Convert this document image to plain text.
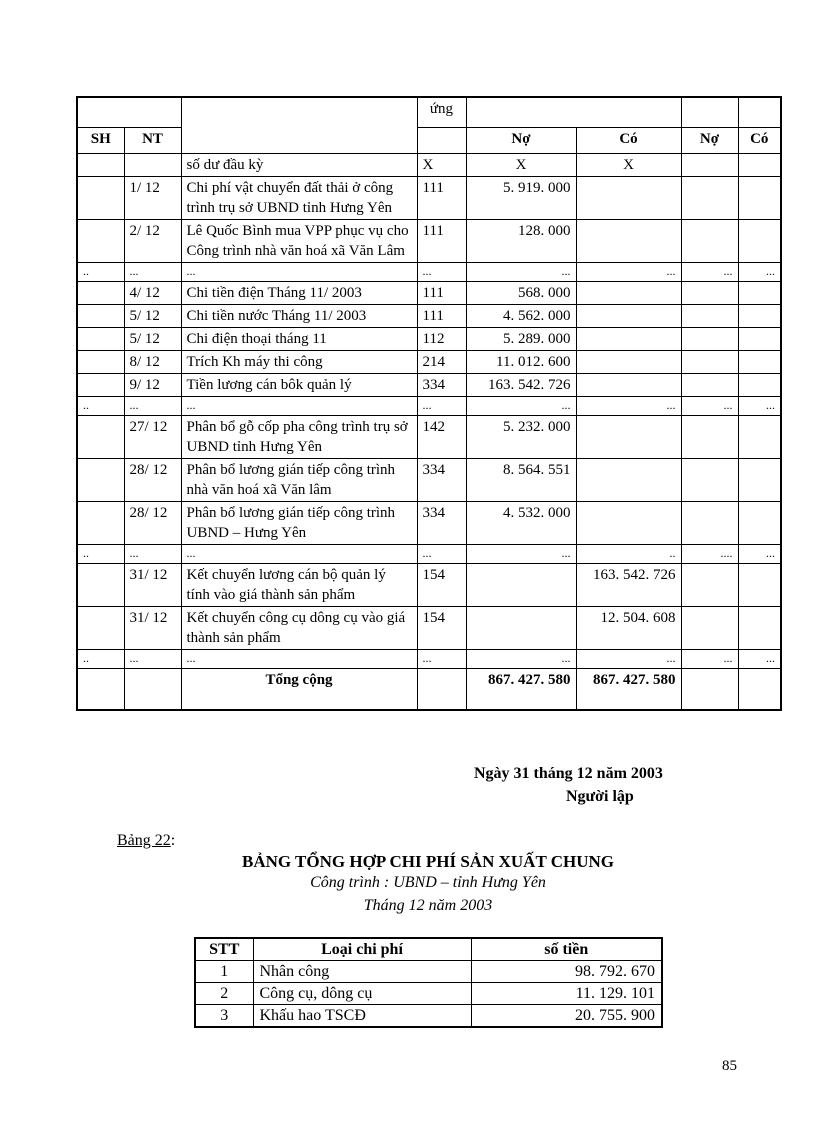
			ứng				
SH	NT			Nợ	Có	Nợ	Có
		số dư đầu kỳ	X	X	X		
	1/ 12	Chi phí vật chuyển đất thải ở công trình trụ sở UBND tỉnh Hưng Yên	111	5. 919. 000			
	2/ 12	Lê Quốc Bình mua VPP phục vụ cho Công trình nhà văn hoá xã Văn Lâm	111	128. 000			
..	...	...	...	...	...	...	...
	4/ 12	Chi tiền điện Tháng 11/ 2003	111	568. 000			
	5/ 12	Chi tiền nước Tháng 11/ 2003	111	4. 562. 000			
	5/ 12	Chi điện thoại tháng 11	112	5. 289. 000			
	8/ 12	Trích Kh máy thi công	214	11. 012. 600			
	9/ 12	Tiền lương cán bôk quản lý	334	163. 542. 726			
..	...	...	...	...	...	...	...
	27/ 12	Phân bổ gỗ cốp pha công trình trụ sở UBND tỉnh Hưng Yên	142	5. 232. 000			
	28/ 12	Phân bổ lương gián tiếp công trình nhà văn hoá xã Văn lâm	334	8. 564. 551			
	28/ 12	Phân bổ lương gián tiếp công trình UBND – Hưng Yên	334	4. 532. 000			
..	...	...	...	...	..	....	...
	31/ 12	Kết chuyển lương cán bộ quản lý tính vào giá thành sản phẩm	154		163. 542. 726		
	31/ 12	Kết chuyển công cụ dông cụ vào giá thành sản phẩm	154		12. 504. 608		
..	...	...	...	...	...	...	...
		Tổng cộng		867. 427. 580	867. 427. 580		
Ngày 31 tháng 12 năm 2003
Người lập
Bảng 22:
BẢNG TỔNG HỢP CHI PHÍ SẢN XUẤT CHUNG
Công trình : UBND – tỉnh Hưng Yên
Tháng 12 năm 2003
STT	Loại chi phí	số tiền
1	Nhân công	98. 792. 670
2	Công cụ, dông cụ	11. 129. 101
3	Khấu hao TSCĐ	20. 755. 900
85
